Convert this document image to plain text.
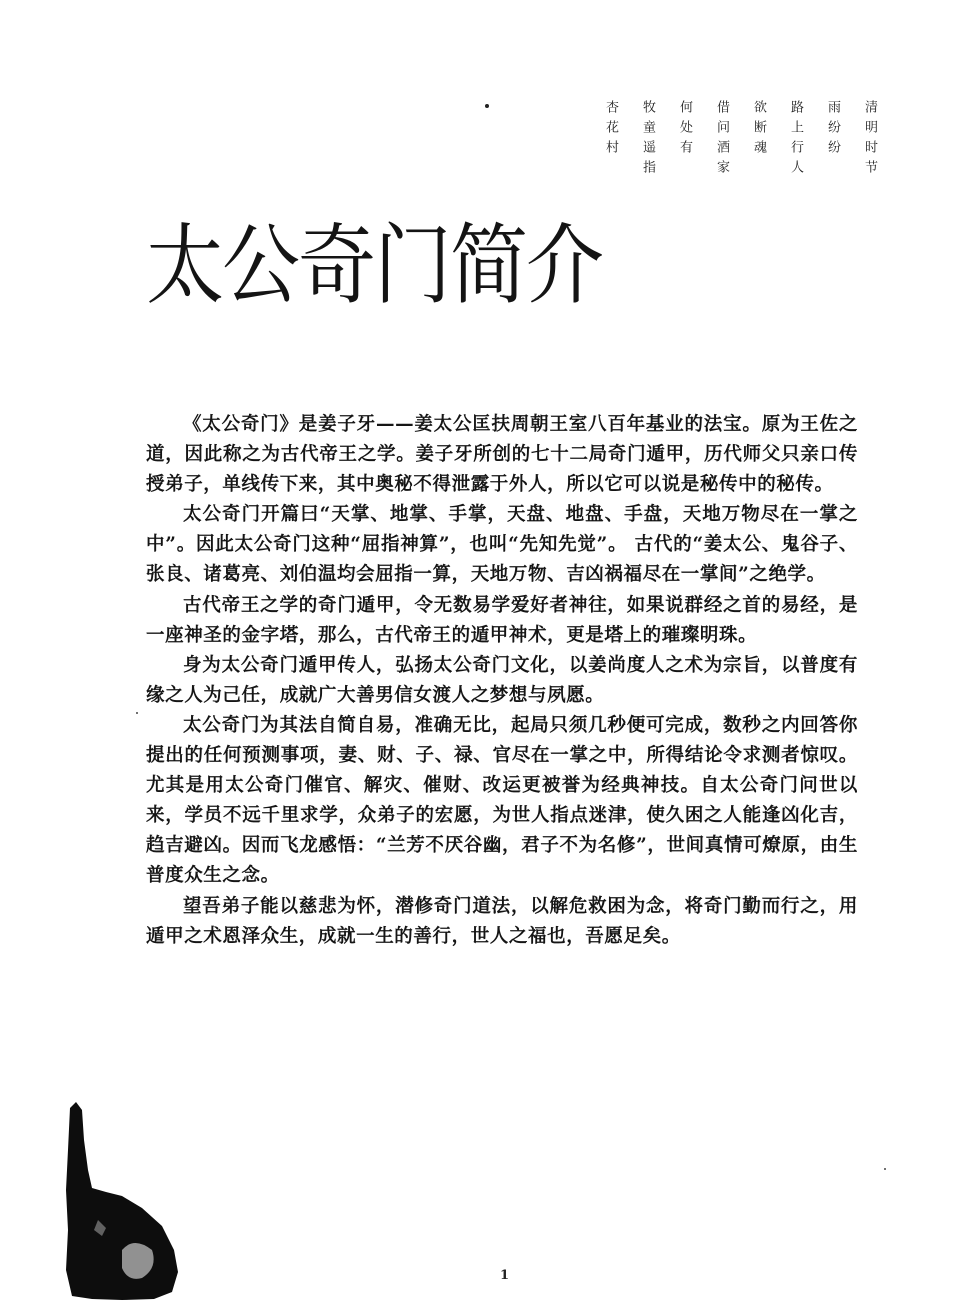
清明时节
雨纷纷
路上行人
欲断魂
借问酒家
何处有
牧童遥指
杏花村
太公奇门简介

《太公奇门》是姜子牙——姜太公匡扶周朝王室八百年基业的法宝。原为王佐之道，因此称之为古代帝王之学。姜子牙所创的七十二局奇门遁甲，历代师父只亲口传授弟子，单线传下来，其中奥秘不得泄露于外人，所以它可以说是秘传中的秘传。

太公奇门开篇曰“天掌、地掌、手掌，天盘、地盘、手盘，天地万物尽在一掌之中”。因此太公奇门这种“屈指神算”，也叫“先知先觉”。 古代的“姜太公、鬼谷子、张良、诸葛亮、刘伯温均会屈指一算，天地万物、吉凶祸福尽在一掌间”之绝学。

古代帝王之学的奇门遁甲，令无数易学爱好者神往，如果说群经之首的易经，是一座神圣的金字塔，那么，古代帝王的遁甲神术，更是塔上的璀璨明珠。

身为太公奇门遁甲传人，弘扬太公奇门文化，以姜尚度人之术为宗旨，以普度有缘之人为己任，成就广大善男信女渡人之梦想与夙愿。

太公奇门为其法自简自易，准确无比，起局只须几秒便可完成，数秒之内回答你提出的任何预测事项，妻、财、子、禄、官尽在一掌之中，所得结论令求测者惊叹。尤其是用太公奇门催官、解灾、催财、改运更被誉为经典神技。自太公奇门问世以来，学员不远千里求学，众弟子的宏愿，为世人指点迷津，使久困之人能逢凶化吉，趋吉避凶。因而飞龙感悟：“兰芳不厌谷幽，君子不为名修”，世间真情可燎原，由生普度众生之念。

望吾弟子能以慈悲为怀，潜修奇门道法，以解危救困为念，将奇门勤而行之，用遁甲之术恩泽众生，成就一生的善行，世人之福也，吾愿足矣。

1
